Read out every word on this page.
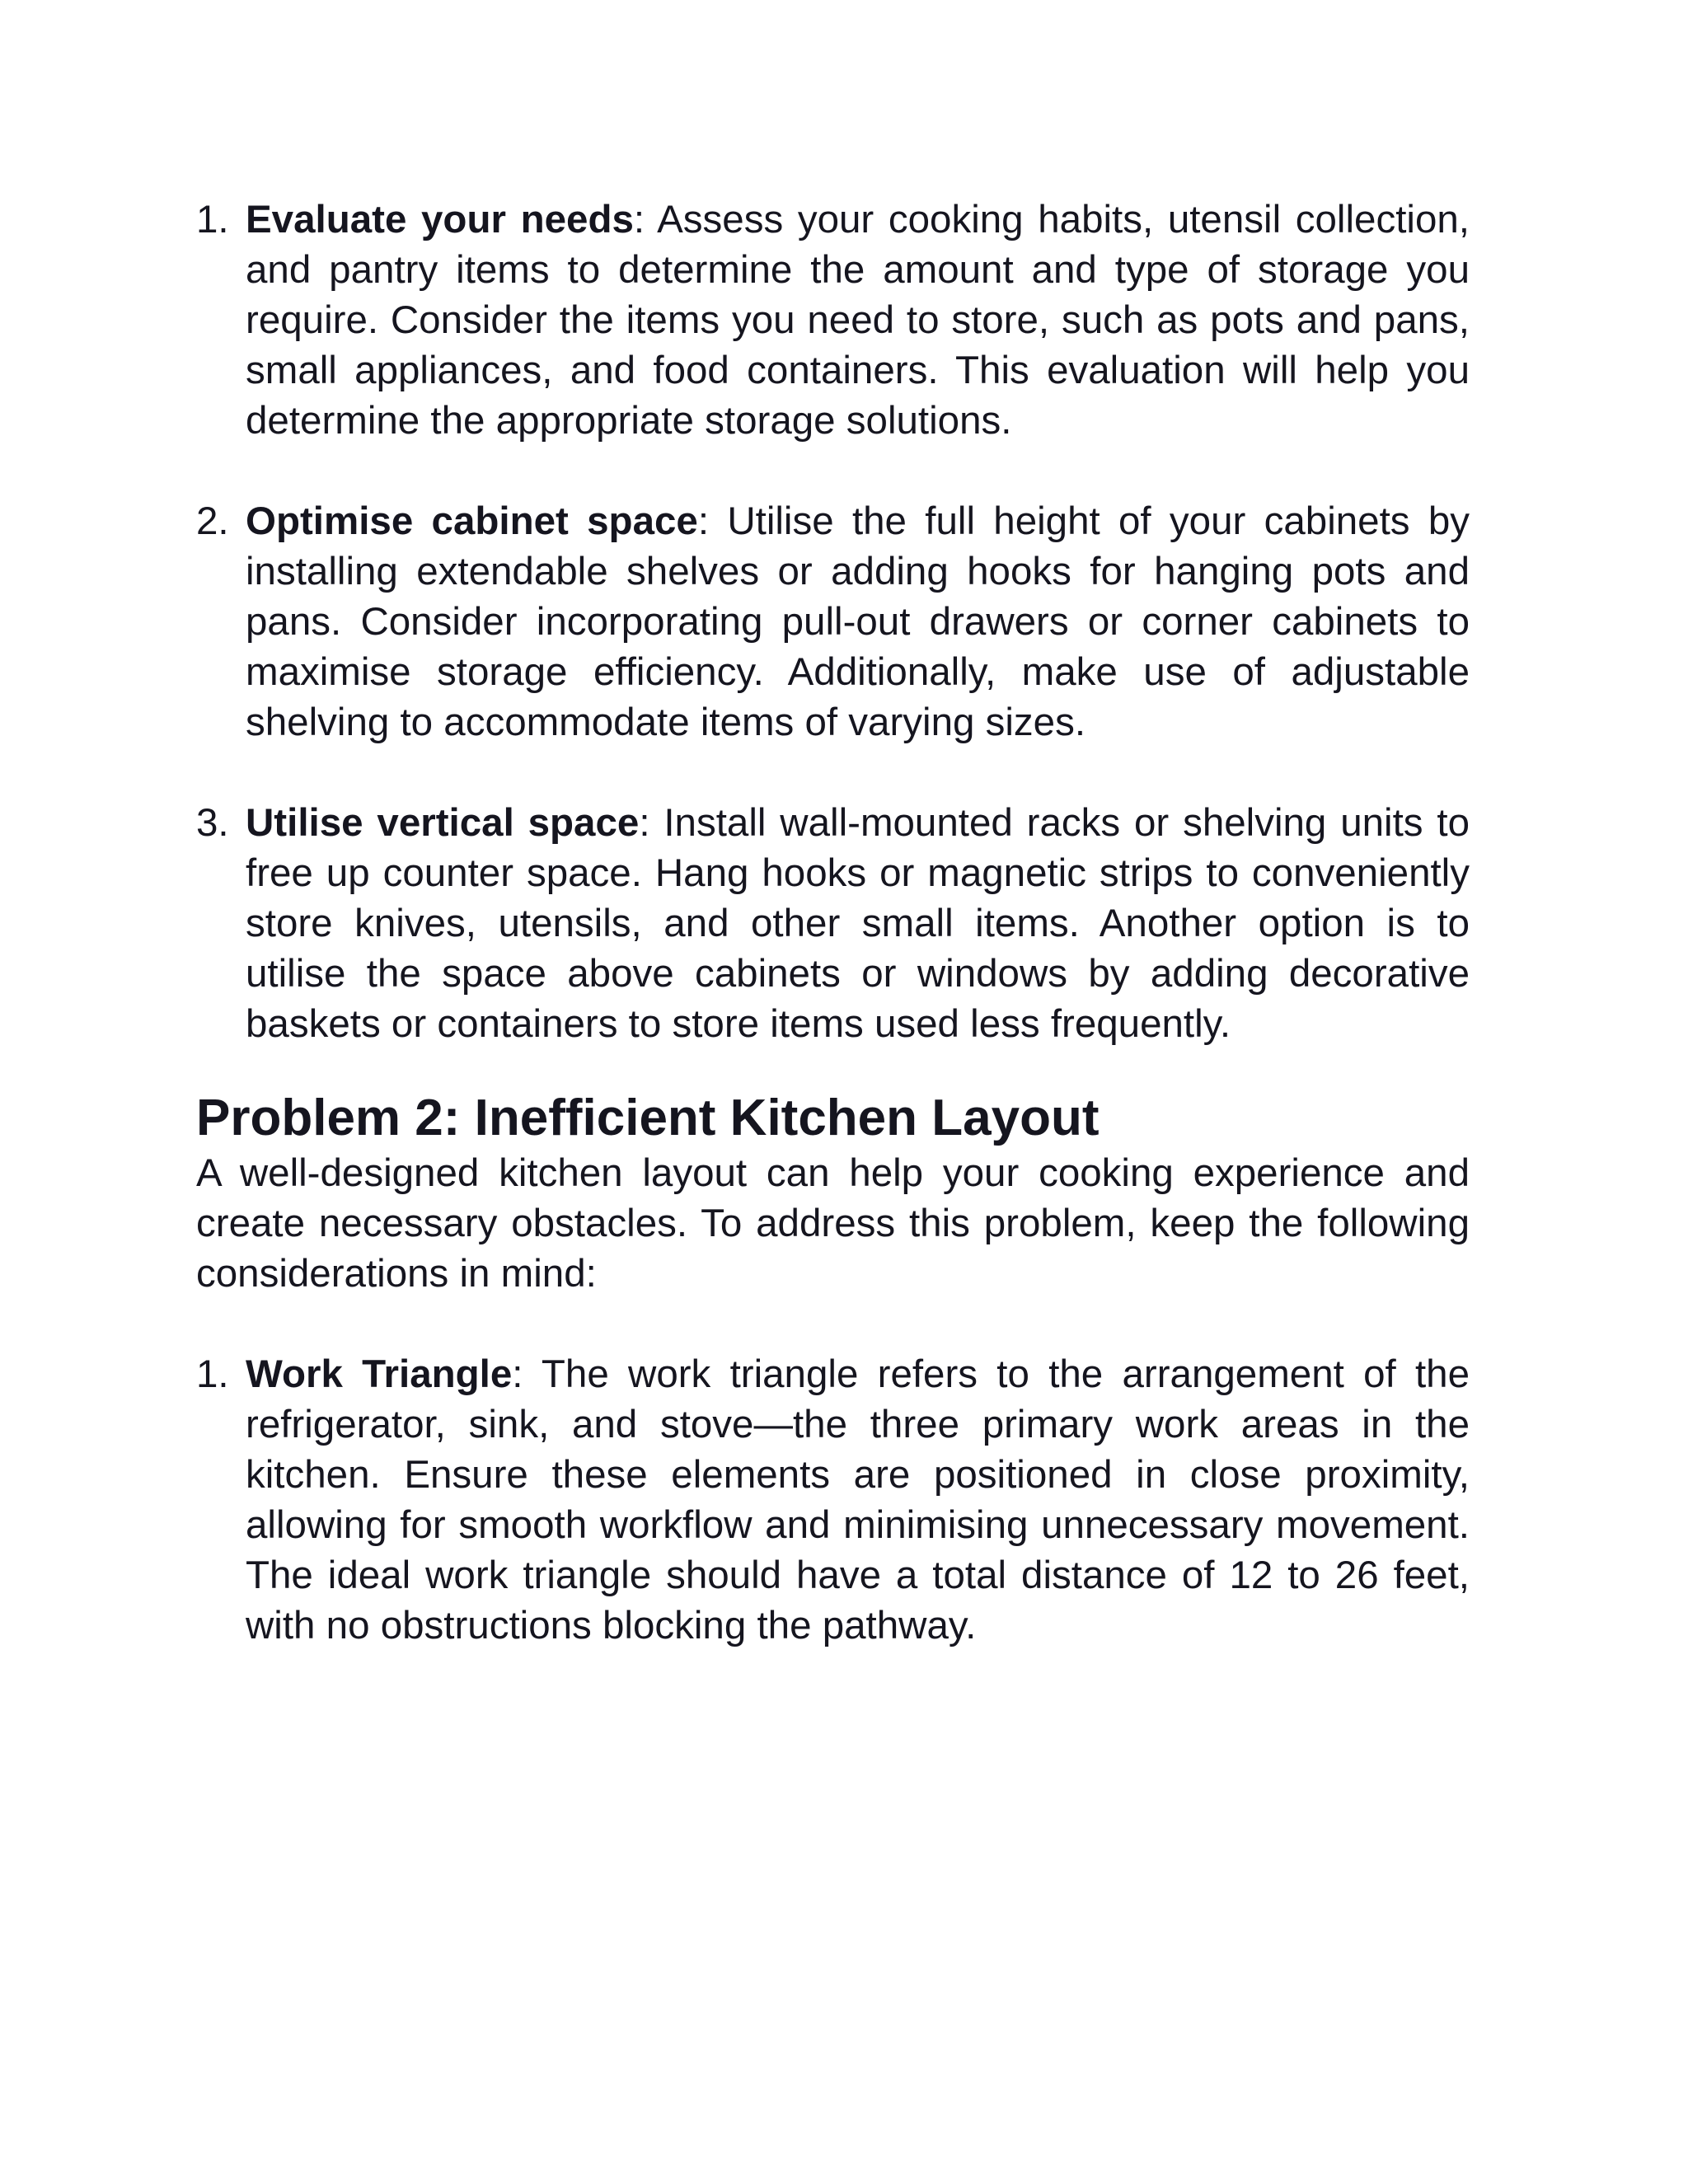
1. Evaluate your needs: Assess your cooking habits, utensil collection, and pantry items to determine the amount and type of storage you require. Consider the items you need to store, such as pots and pans, small appliances, and food containers. This evaluation will help you determine the appropriate storage solutions.
2. Optimise cabinet space: Utilise the full height of your cabinets by installing extendable shelves or adding hooks for hanging pots and pans. Consider incorporating pull-out drawers or corner cabinets to maximise storage efficiency. Additionally, make use of adjustable shelving to accommodate items of varying sizes.
3. Utilise vertical space: Install wall-mounted racks or shelving units to free up counter space. Hang hooks or magnetic strips to conveniently store knives, utensils, and other small items. Another option is to utilise the space above cabinets or windows by adding decorative baskets or containers to store items used less frequently.
Problem 2: Inefficient Kitchen Layout

A well-designed kitchen layout can help your cooking experience and create necessary obstacles. To address this problem, keep the following considerations in mind:

1. Work Triangle: The work triangle refers to the arrangement of the refrigerator, sink, and stove—the three primary work areas in the kitchen. Ensure these elements are positioned in close proximity, allowing for smooth workflow and minimising unnecessary movement. The ideal work triangle should have a total distance of 12 to 26 feet, with no obstructions blocking the pathway.
